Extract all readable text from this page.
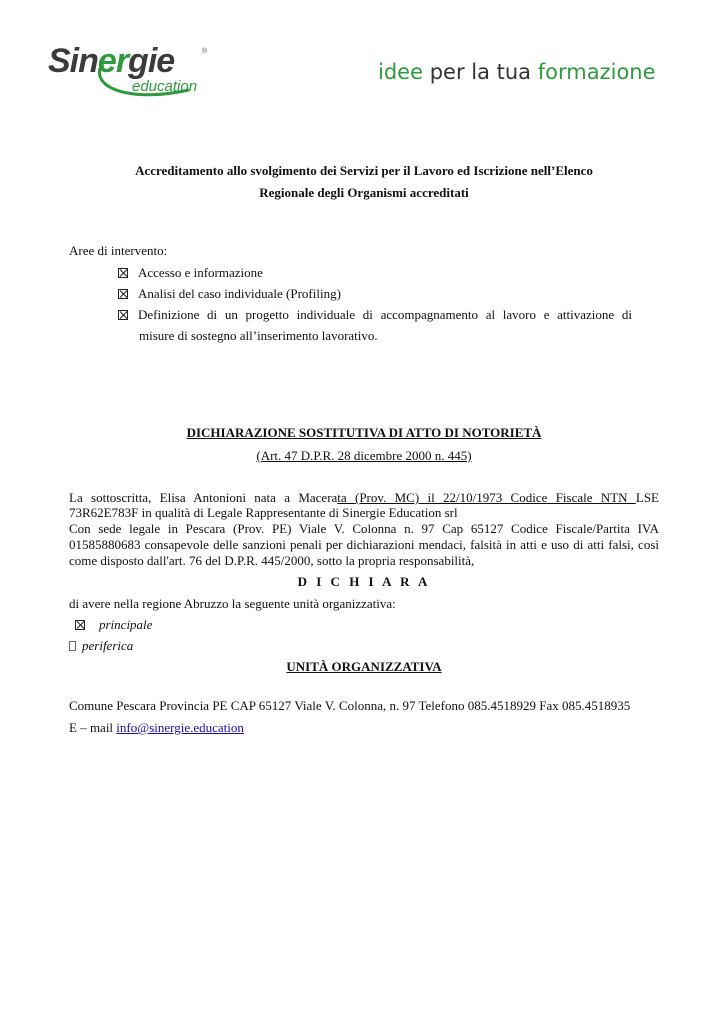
Sinergie	®
education
idee per la tua formazione
Accreditamento allo svolgimento dei Servizi per il Lavoro ed Iscrizione nell’Elenco
Regionale degli Organismi accreditati
Aree di intervento:
Accesso e informazione
Analisi del caso individuale (Profiling)
Definizione di un progetto individuale di accompagnamento al lavoro e attivazione di
misure di sostegno all’inserimento lavorativo.
DICHIARAZIONE SOSTITUTIVA DI ATTO DI NOTORIETÀ
(Art. 47 D.P.R. 28 dicembre 2000 n. 445)
La sottoscritta, Elisa Antonioni nata a Macerata (Prov. MC) il 22/10/1973 Codice Fiscale NTN LSE
73R62E783F in qualità di Legale Rappresentante di Sinergie Education srl
Con sede legale in Pescara (Prov. PE) Viale V. Colonna n. 97 Cap 65127 Codice Fiscale/Partita IVA
01585880683 consapevole delle sanzioni penali per dichiarazioni mendaci, falsità in atti e uso di atti falsi, così
come disposto dall'art. 76 del D.P.R. 445/2000, sotto la propria responsabilità,
D I C H I A R A
di avere nella regione Abruzzo la seguente unità organizzativa:
principale
periferica
UNITÀ ORGANIZZATIVA
Comune Pescara Provincia PE CAP 65127 Viale V. Colonna, n. 97 Telefono 085.4518929 Fax 085.4518935
E – mail info@sinergie.education
